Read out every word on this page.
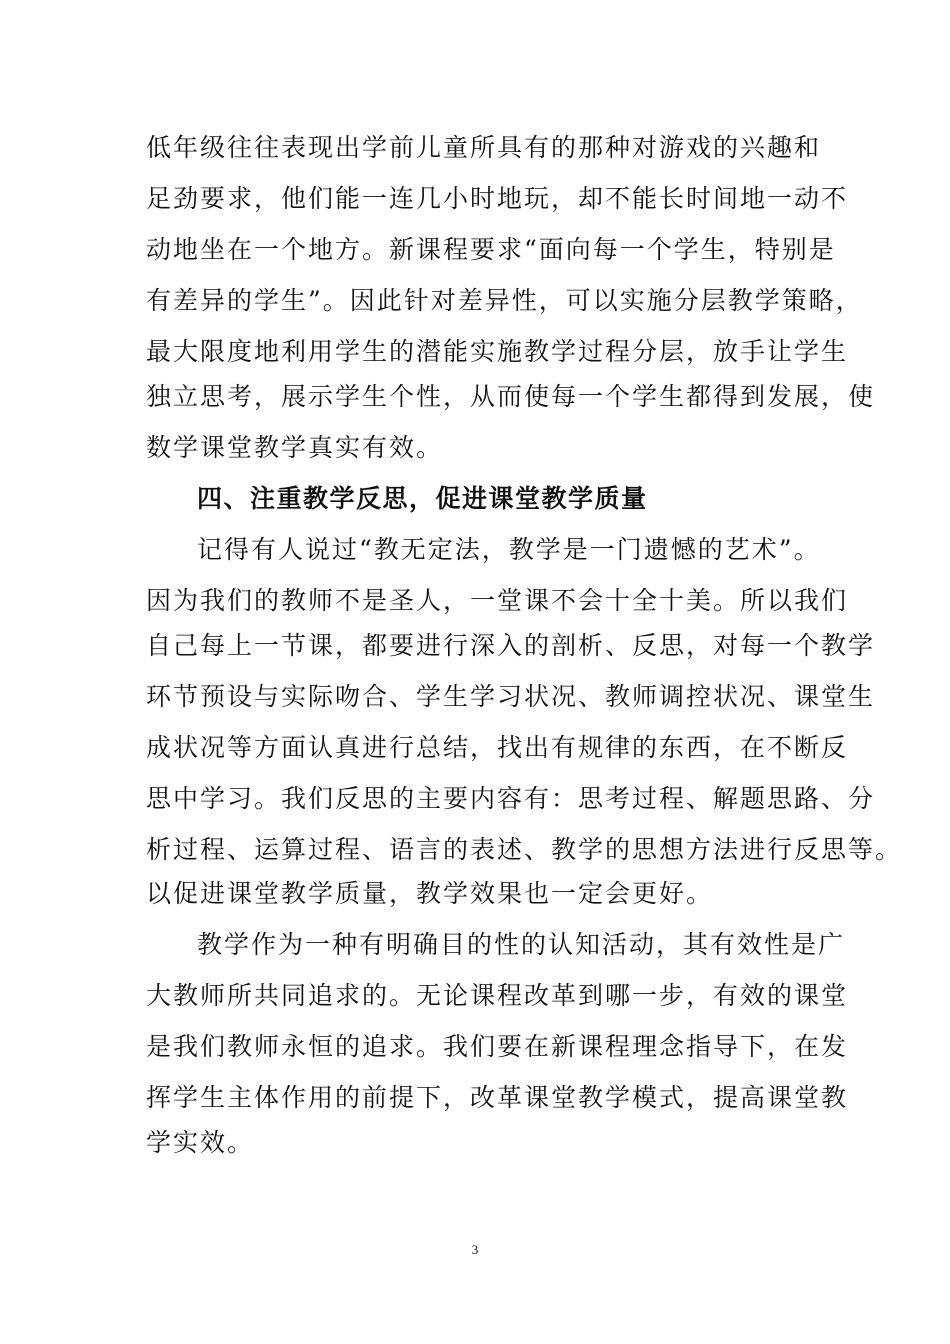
低年级往往表现出学前儿童所具有的那种对游戏的兴趣和
足劲要求，他们能一连几小时地玩，却不能长时间地一动不
动地坐在一个地方。新课程要求“面向每一个学生，特别是
有差异的学生”。因此针对差异性，可以实施分层教学策略，
最大限度地利用学生的潜能实施教学过程分层，放手让学生
独立思考，展示学生个性，从而使每一个学生都得到发展，使
数学课堂教学真实有效。
四、注重教学反思，促进课堂教学质量
记得有人说过“教无定法，教学是一门遗憾的艺术”。
因为我们的教师不是圣人，一堂课不会十全十美。所以我们
自己每上一节课，都要进行深入的剖析、反思，对每一个教学
环节预设与实际吻合、学生学习状况、教师调控状况、课堂生
成状况等方面认真进行总结，找出有规律的东西，在不断反
思中学习。我们反思的主要内容有：思考过程、解题思路、分
析过程、运算过程、语言的表述、教学的思想方法进行反思等。
以促进课堂教学质量，教学效果也一定会更好。
教学作为一种有明确目的性的认知活动，其有效性是广
大教师所共同追求的。无论课程改革到哪一步，有效的课堂
是我们教师永恒的追求。我们要在新课程理念指导下，在发
挥学生主体作用的前提下，改革课堂教学模式，提高课堂教
学实效。
3
